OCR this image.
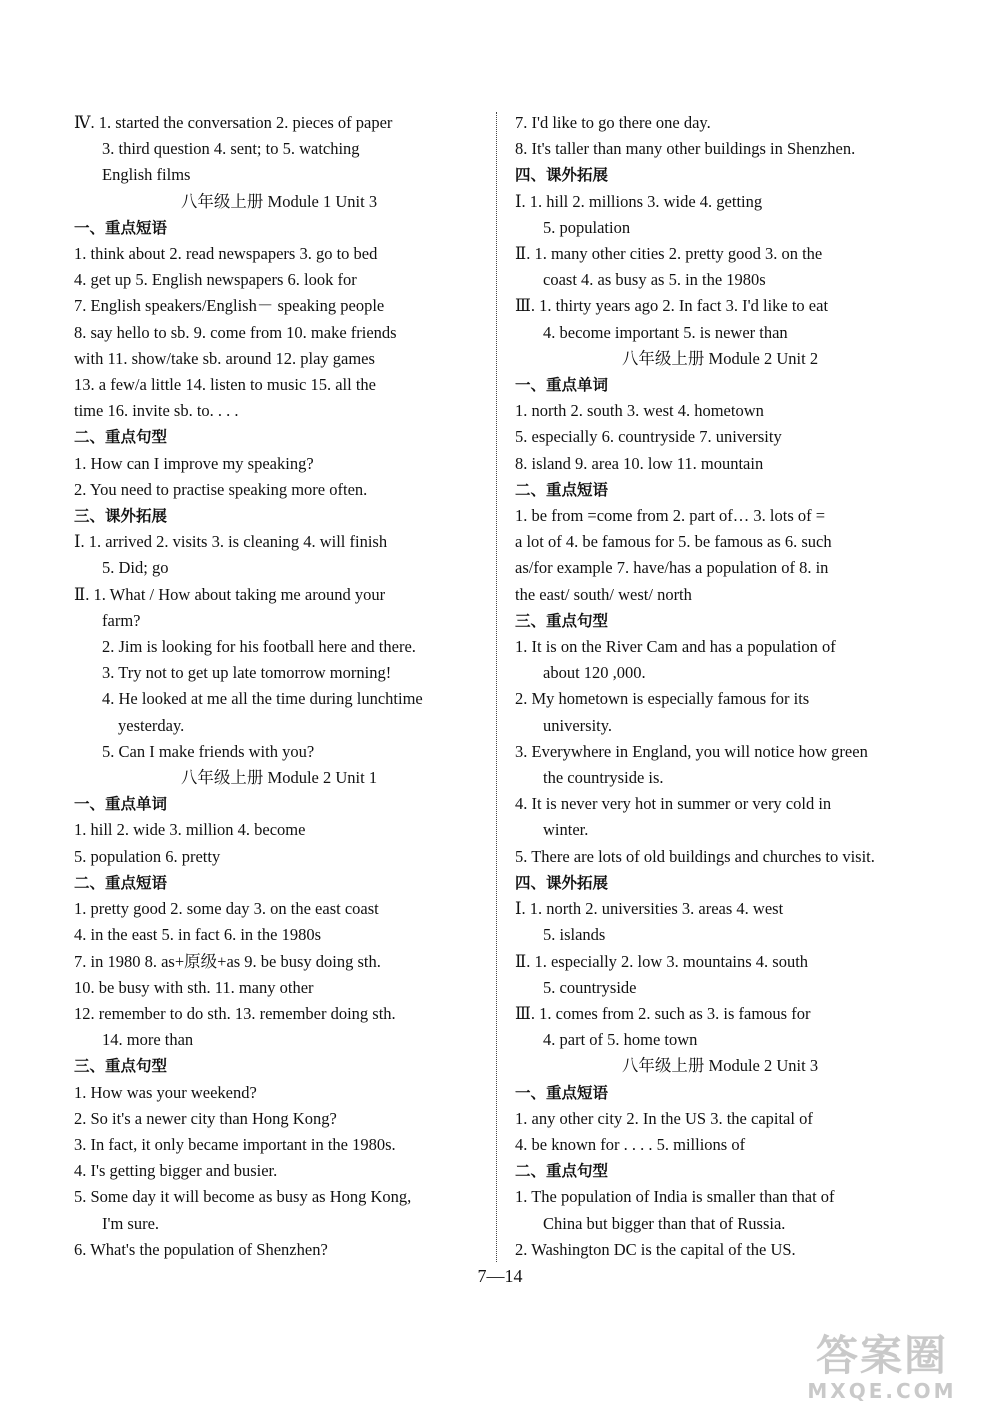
Ⅳ. 1. started the conversation 2. pieces of paper
3. third question 4. sent; to 5. watching
English films
八年级上册 Module 1 Unit 3
一、重点短语
1. think about 2. read newspapers 3. go to bed
4. get up 5. English newspapers 6. look for
7. English speakers/English－ speaking people
8. say hello to sb. 9. come from 10. make friends
with 11. show/take sb. around 12. play games
13. a few/a little 14. listen to music 15. all the
time 16. invite sb. to. . . .
二、重点句型
1. How can I improve my speaking?
2. You need to practise speaking more often.
三、课外拓展
Ⅰ. 1. arrived 2. visits 3. is cleaning 4. will finish
5. Did; go
Ⅱ. 1. What / How about taking me around your
farm?
2. Jim is looking for his football here and there.
3. Try not to get up late tomorrow morning!
4. He looked at me all the time during lunchtime
yesterday.
5. Can I make friends with you?
八年级上册 Module 2 Unit 1
一、重点单词
1. hill 2. wide 3. million 4. become
5. population 6. pretty
二、重点短语
1. pretty good 2. some day 3. on the east coast
4. in the east 5. in fact 6. in the 1980s
7. in 1980 8. as+原级+as 9. be busy doing sth.
10. be busy with sth. 11. many other
12. remember to do sth. 13. remember doing sth.
14. more than
三、重点句型
1. How was your weekend?
2. So it's a newer city than Hong Kong?
3. In fact, it only became important in the 1980s.
4. I's getting bigger and busier.
5. Some day it will become as busy as Hong Kong,
I'm sure.
6. What's the population of Shenzhen?
7. I'd like to go there one day.
8. It's taller than many other buildings in Shenzhen.
四、课外拓展
Ⅰ. 1. hill 2. millions 3. wide 4. getting
5. population
Ⅱ. 1. many other cities 2. pretty good 3. on the
coast 4. as busy as 5. in the 1980s
Ⅲ. 1. thirty years ago 2. In fact 3. I'd like to eat
4. become important 5. is newer than
八年级上册 Module 2 Unit 2
一、重点单词
1. north 2. south 3. west 4. hometown
5. especially 6. countryside 7. university
8. island 9. area 10. low 11. mountain
二、重点短语
1. be from =come from 2. part of… 3. lots of =
a lot of 4. be famous for 5. be famous as 6. such
as/for example 7. have/has a population of 8. in
the east/ south/ west/ north
三、重点句型
1. It is on the River Cam and has a population of
about 120 ,000.
2. My hometown is especially famous for its
university.
3. Everywhere in England, you will notice how green
the countryside is.
4. It is never very hot in summer or very cold in
winter.
5. There are lots of old buildings and churches to visit.
四、课外拓展
Ⅰ. 1. north 2. universities 3. areas 4. west
5. islands
Ⅱ. 1. especially 2. low 3. mountains 4. south
5. countryside
Ⅲ. 1. comes from 2. such as 3. is famous for
4. part of 5. home town
八年级上册 Module 2 Unit 3
一、重点短语
1. any other city 2. In the US 3. the capital of
4. be known for . . . . 5. millions of
二、重点句型
1. The population of India is smaller than that of
China but bigger than that of Russia.
2. Washington DC is the capital of the US.
7—14
答案圈
MXQE.COM
